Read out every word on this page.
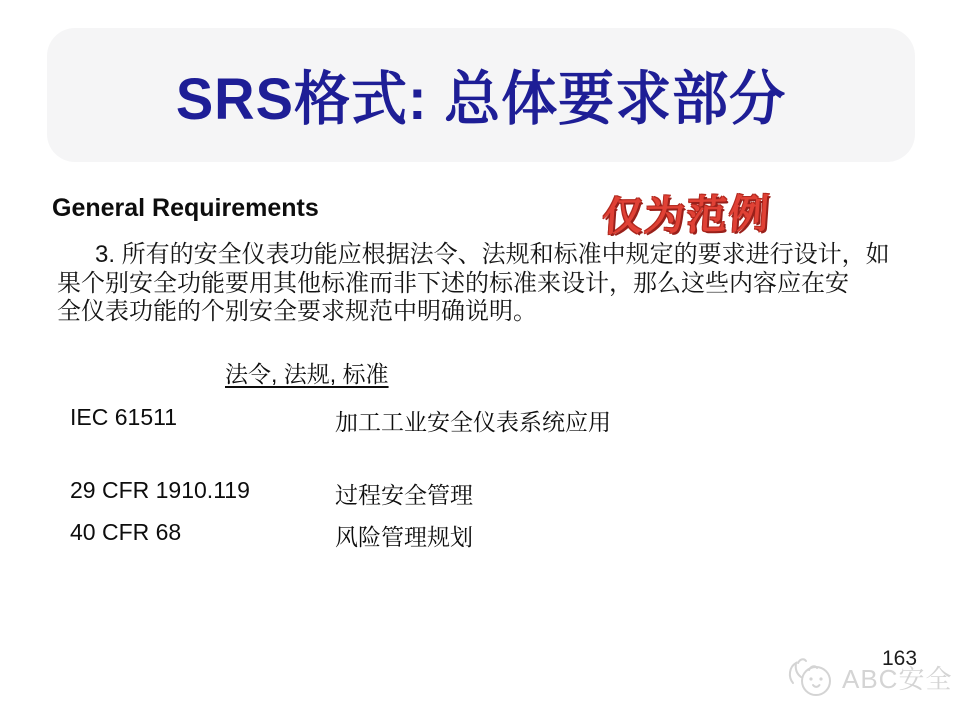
SRS格式: 总体要求部分
General Requirements	仅为范例
3. 所有的安全仪表功能应根据法令、法规和标准中规定的要求进行设计，如
果个别安全功能要用其他标准而非下述的标准来设计，那么这些内容应在安
全仪表功能的个别安全要求规范中明确说明。
法令, 法规, 标准
IEC 61511	加工工业安全仪表系统应用
29 CFR 1910.119	过程安全管理
40 CFR 68	风险管理规划
163
ABC安全
